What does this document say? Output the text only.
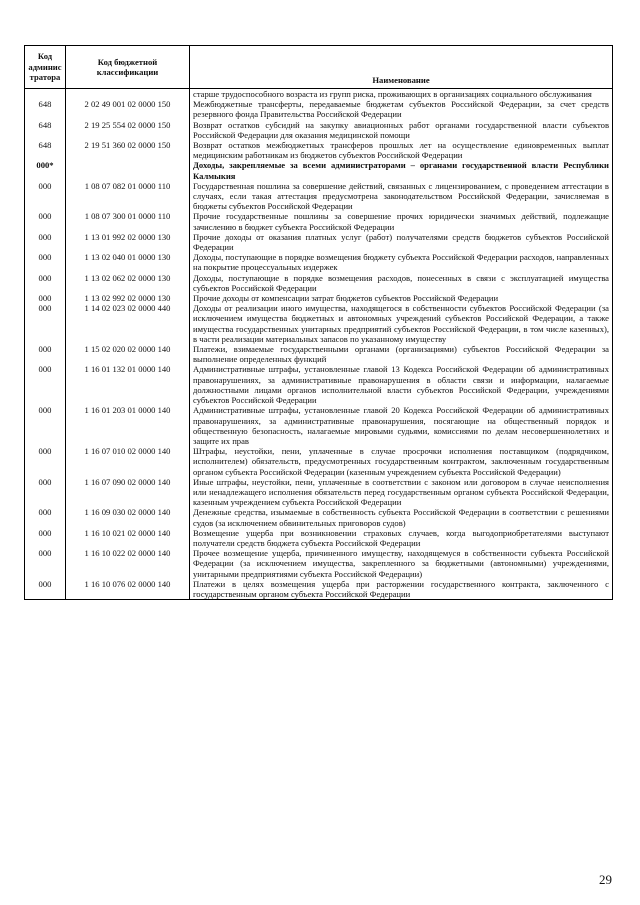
Код админис тратора	Код бюджетной классификации	Наименование
		старше трудоспособного возраста из групп риска, проживающих в организациях социального обслуживания
648	2 02 49 001 02 0000 150	Межбюджетные трансферты, передаваемые бюджетам субъектов Российской Федерации, за счет средств резервного фонда Правительства Российской Федерации
648	2 19 25 554 02 0000 150	Возврат остатков субсидий на закупку авиационных работ органами государственной власти субъектов Российской Федерации для оказания медицинской помощи
648	2 19 51 360 02 0000 150	Возврат остатков межбюджетных трансферов прошлых лет на осуществление единовременных выплат медицинским работникам из бюджетов субъектов Российской Федерации
000*		Доходы, закрепляемые за всеми администраторами – органами государственной власти Республики Калмыкия
000	1 08 07 082 01 0000 110	Государственная пошлина за совершение действий, связанных с лицензированием, с проведением аттестации в случаях, если такая аттестация предусмотрена законодательством Российской Федерации, зачисляемая в бюджеты субъектов Российской Федерации
000	1 08 07 300 01 0000 110	Прочие государственные пошлины за совершение прочих юридически значимых действий, подлежащие зачислению в бюджет субъекта Российской Федерации
000	1 13 01 992 02 0000 130	Прочие доходы от оказания платных услуг (работ) получателями средств бюджетов субъектов Российской Федерации
000	1 13 02 040 01 0000 130	Доходы, поступающие в порядке возмещения бюджету субъекта Российской Федерации расходов, направленных на покрытие процессуальных издержек
000	1 13 02 062 02 0000 130	Доходы, поступающие в порядке возмещения расходов, понесенных в связи с эксплуатацией имущества субъектов Российской Федерации
000	1 13 02 992 02 0000 130	Прочие доходы от компенсации затрат бюджетов субъектов Российской Федерации
000	1 14 02 023 02 0000 440	Доходы от реализации иного имущества, находящегося в собственности субъектов Российской Федерации (за исключением имущества бюджетных и автономных учреждений субъектов Российской Федерации, а также имущества государственных унитарных предприятий субъектов Российской Федерации, в том числе казенных), в части реализации материальных запасов по указанному имуществу
000	1 15 02 020 02 0000 140	Платежи, взимаемые государственными органами (организациями) субъектов Российской Федерации за выполнение определенных функций
000	1 16 01 132 01 0000 140	Административные штрафы, установленные главой 13 Кодекса Российской Федерации об административных правонарушениях, за административные правонарушения в области связи и информации, налагаемые должностными лицами органов исполнительной власти субъектов Российской Федерации, учреждениями субъектов Российской Федерации
000	1 16 01 203 01 0000 140	Административные штрафы, установленные главой 20 Кодекса Российской Федерации об административных правонарушениях, за административные правонарушения, посягающие на общественный порядок и общественную безопасность, налагаемые мировыми судьями, комиссиями по делам несовершеннолетних и защите их прав
000	1 16 07 010 02 0000 140	Штрафы, неустойки, пени, уплаченные в случае просрочки исполнения поставщиком (подрядчиком, исполнителем) обязательств, предусмотренных государственным контрактом, заключенным государственным органом субъекта Российской Федерации (казенным учреждением субъекта Российской Федерации)
000	1 16 07 090 02 0000 140	Иные штрафы, неустойки, пени, уплаченные в соответствии с законом или договором в случае неисполнения или ненадлежащего исполнения обязательств перед государственным органом субъекта Российской Федерации, казенным учреждением субъекта Российской Федерации
000	1 16 09 030 02 0000 140	Денежные средства, изымаемые в собственность субъекта Российской Федерации в соответствии с решениями судов (за исключением обвинительных приговоров судов)
000	1 16 10 021 02 0000 140	Возмещение ущерба при возникновении страховых случаев, когда выгодоприобретателями выступают получатели средств бюджета субъекта Российской Федерации
000	1 16 10 022 02 0000 140	Прочее возмещение ущерба, причиненного имуществу, находящемуся в собственности субъекта Российской Федерации (за исключением имущества, закрепленного за бюджетными (автономными) учреждениями, унитарными предприятиями субъекта Российской Федерации)
000	1 16 10 076 02 0000 140	Платежи в целях возмещения ущерба при расторжении государственного контракта, заключенного с государственным органом субъекта Российской Федерации
29
